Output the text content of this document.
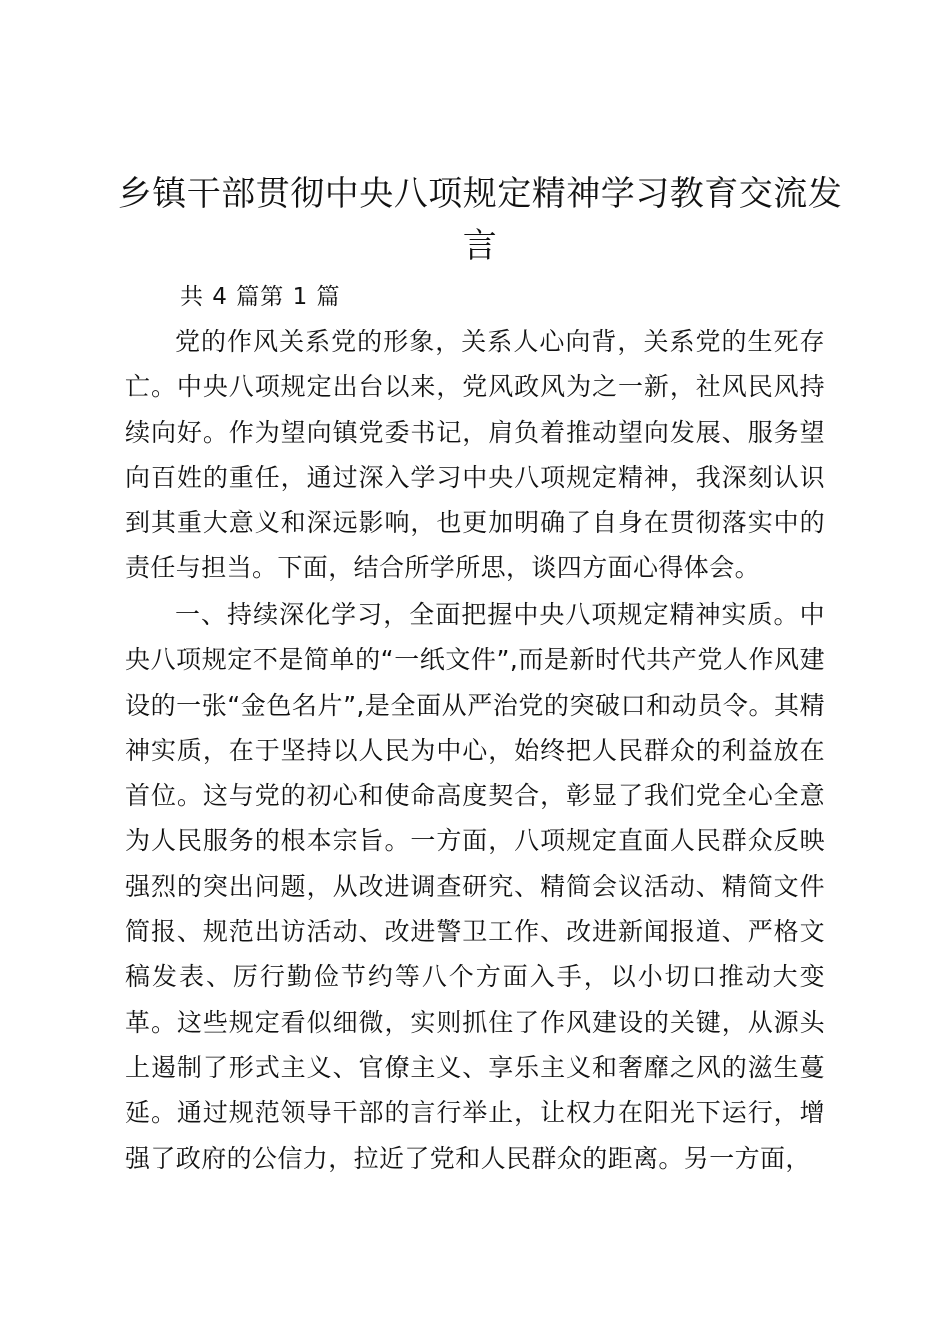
乡镇干部贯彻中央八项规定精神学习教育交流发言

共 4 篇第 1 篇

党的作风关系党的形象，关系人心向背，关系党的生死存亡。中央八项规定出台以来，党风政风为之一新，社风民风持续向好。作为望向镇党委书记，肩负着推动望向发展、服务望向百姓的重任，通过深入学习中央八项规定精神，我深刻认识到其重大意义和深远影响，也更加明确了自身在贯彻落实中的责任与担当。下面，结合所学所思，谈四方面心得体会。

一、持续深化学习，全面把握中央八项规定精神实质。中央八项规定不是简单的“一纸文件”,而是新时代共产党人作风建设的一张“金色名片”,是全面从严治党的突破口和动员令。其精神实质，在于坚持以人民为中心，始终把人民群众的利益放在首位。这与党的初心和使命高度契合，彰显了我们党全心全意为人民服务的根本宗旨。一方面，八项规定直面人民群众反映强烈的突出问题，从改进调查研究、精简会议活动、精简文件简报、规范出访活动、改进警卫工作、改进新闻报道、严格文稿发表、厉行勤俭节约等八个方面入手，以小切口推动大变革。这些规定看似细微，实则抓住了作风建设的关键，从源头上遏制了形式主义、官僚主义、享乐主义和奢靡之风的滋生蔓延。通过规范领导干部的言行举止，让权力在阳光下运行，增强了政府的公信力，拉近了党和人民群众的距离。另一方面，
